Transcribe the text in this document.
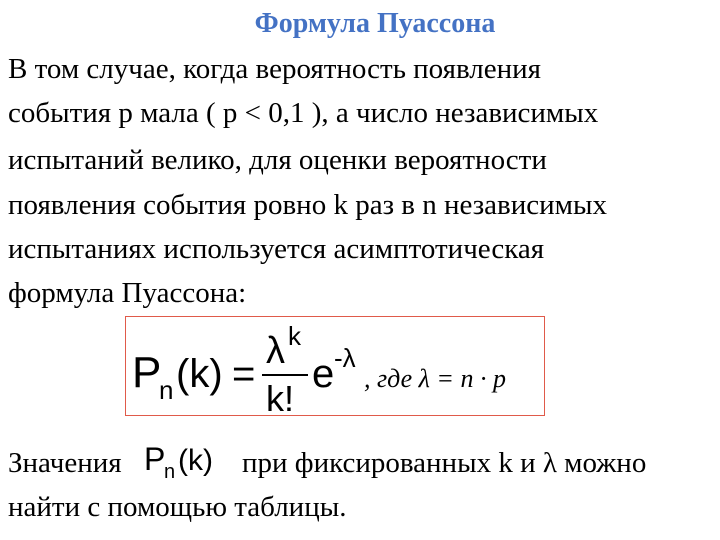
Формула Пуассона
В том случае, когда вероятность появления
события р мала ( р < 0,1 ), а число независимых
испытаний велико, для оценки вероятности
появления события ровно k раз в n независимых
испытаниях используется асимптотическая
формула Пуассона:
P
n (k) =
λ k
k!
e -λ
, где λ = n · p
Значения P
n (k) при фиксированных k и λ можно
найти с помощью таблицы.
